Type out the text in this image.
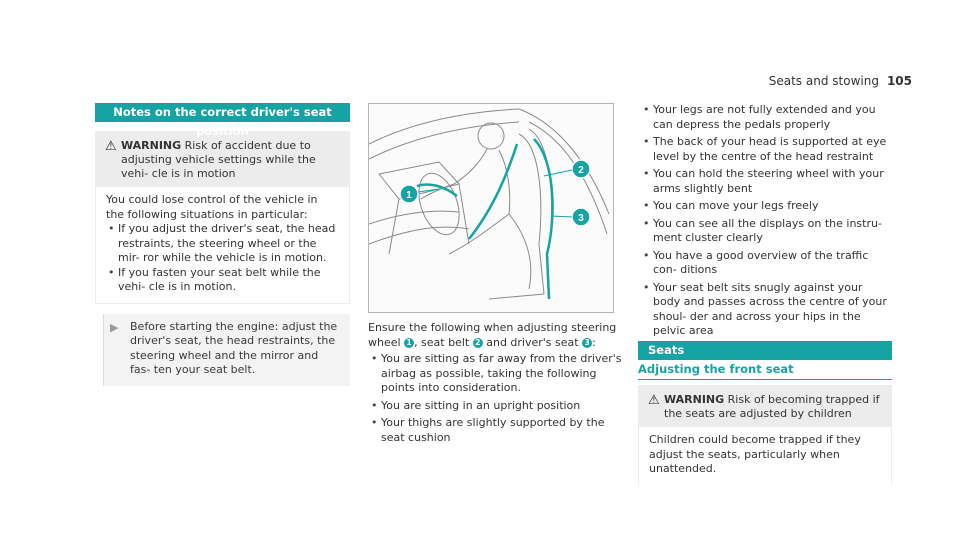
Seats and stowing 105
Notes on the correct driver's seat position
⚠ WARNING Risk of accident due to adjusting vehicle settings while the vehi- cle is in motion
You could lose control of the vehicle in the following situations in particular:
• If you adjust the driver's seat, the head restraints, the steering wheel or the mir- ror while the vehicle is in motion.
• If you fasten your seat belt while the vehi- cle is in motion.
▶	Before starting the engine: adjust the driver's seat, the head restraints, the steering wheel and the mirror and fas- ten your seat belt.
1
2
3
Ensure the following when adjusting steering wheel 1 , seat belt 2 and driver's seat 3 :
• You are sitting as far away from the driver's airbag as possible, taking the following points into consideration.
• You are sitting in an upright position
• Your thighs are slightly supported by the seat cushion
• Your legs are not fully extended and you can depress the pedals properly
• The back of your head is supported at eye level by the centre of the head restraint
• You can hold the steering wheel with your arms slightly bent
• You can move your legs freely
• You can see all the displays on the instru- ment cluster clearly
• You have a good overview of the traffic con- ditions
• Your seat belt sits snugly against your body and passes across the centre of your shoul- der and across your hips in the pelvic area
Seats
Adjusting the front seat
⚠ WARNING Risk of becoming trapped if the seats are adjusted by children
Children could become trapped if they adjust the seats, particularly when unattended.
